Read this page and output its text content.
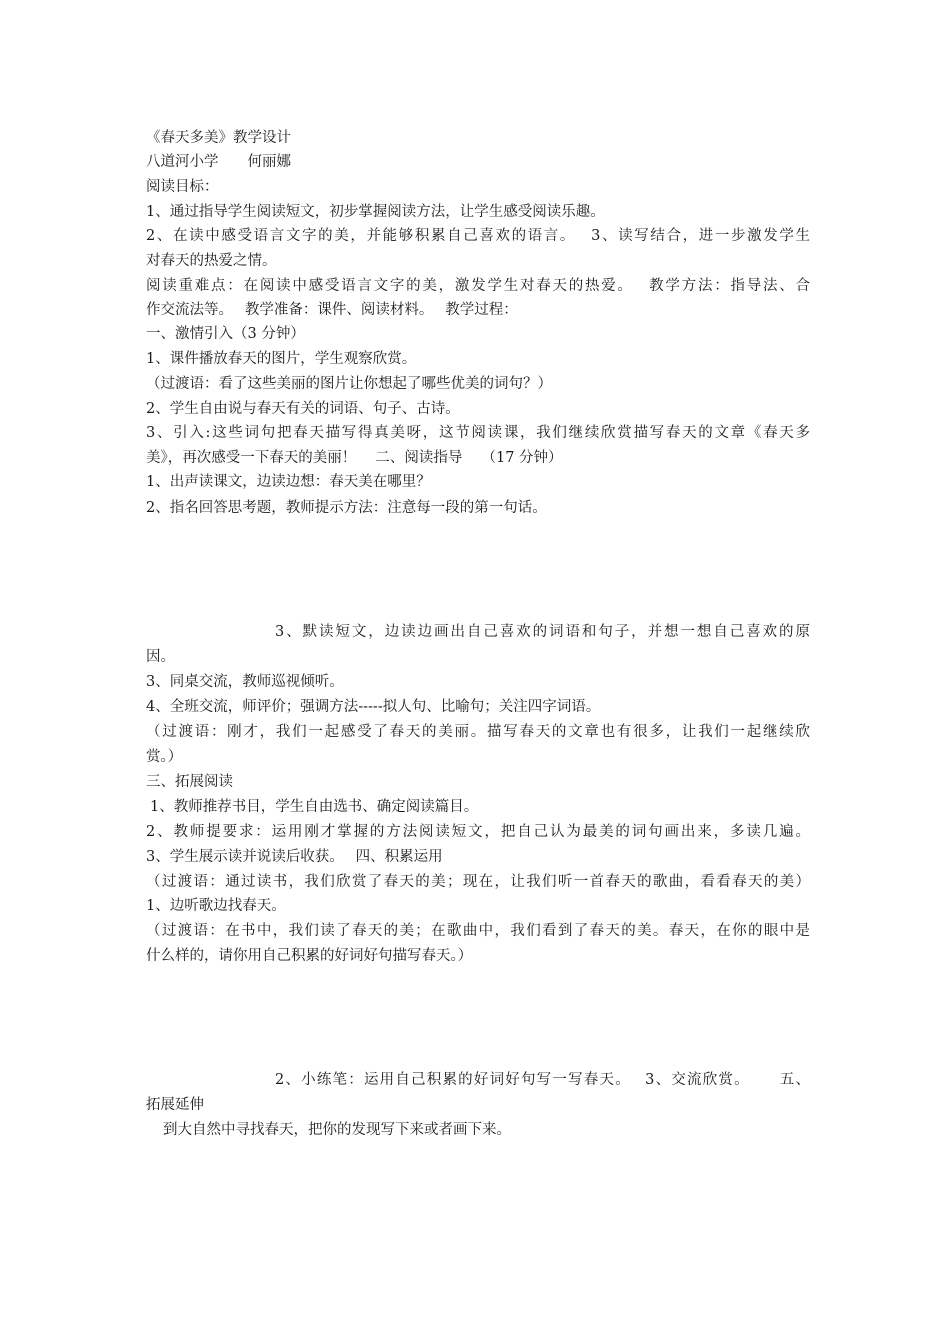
《春天多美》教学设计
八道河小学　　何丽娜
阅读目标：
1、通过指导学生阅读短文，初步掌握阅读方法，让学生感受阅读乐趣。
2、在读中感受语言文字的美，并能够积累自己喜欢的语言。　 3、读写结合，进一步激发学生
对春天的热爱之情。
阅读重难点：在阅读中感受语言文字的美，激发学生对春天的热爱。　 教学方法：指导法、合
作交流法等。　 教学准备：课件、阅读材料。　 教学过程：
一、激情引入（3 分钟）
1、课件播放春天的图片，学生观察欣赏。
（过渡语：看了这些美丽的图片让你想起了哪些优美的词句？）
2、学生自由说与春天有关的词语、句子、古诗。
3、引入:这些词句把春天描写得真美呀，这节阅读课，我们继续欣赏描写春天的文章《春天多
美》，再次感受一下春天的美丽！　 二、阅读指导　 （17 分钟）
1、出声读课文，边读边想：春天美在哪里？
2、指名回答思考题，教师提示方法：注意每一段的第一句话。
3、默读短文，边读边画出自己喜欢的词语和句子，并想一想自己喜欢的原
因。
3、同桌交流，教师巡视倾听。
4、全班交流，师评价；强调方法-----拟人句、比喻句；关注四字词语。
（过渡语：刚才，我们一起感受了春天的美丽。描写春天的文章也有很多，让我们一起继续欣
赏。）
三、拓展阅读
1、教师推荐书目，学生自由选书、确定阅读篇目。
2、教师提要求：运用刚才掌握的方法阅读短文，把自己认为最美的词句画出来，多读几遍。
3、学生展示读并说读后收获。　 四、积累运用
（过渡语：通过读书，我们欣赏了春天的美；现在，让我们听一首春天的歌曲，看看春天的美）
1、边听歌边找春天。
（过渡语：在书中，我们读了春天的美；在歌曲中，我们看到了春天的美。春天，在你的眼中是
什么样的，请你用自己积累的好词好句描写春天。）
2、小练笔：运用自己积累的好词好句写一写春天。　 3、交流欣赏。　　 五、
拓展延伸
到大自然中寻找春天，把你的发现写下来或者画下来。
